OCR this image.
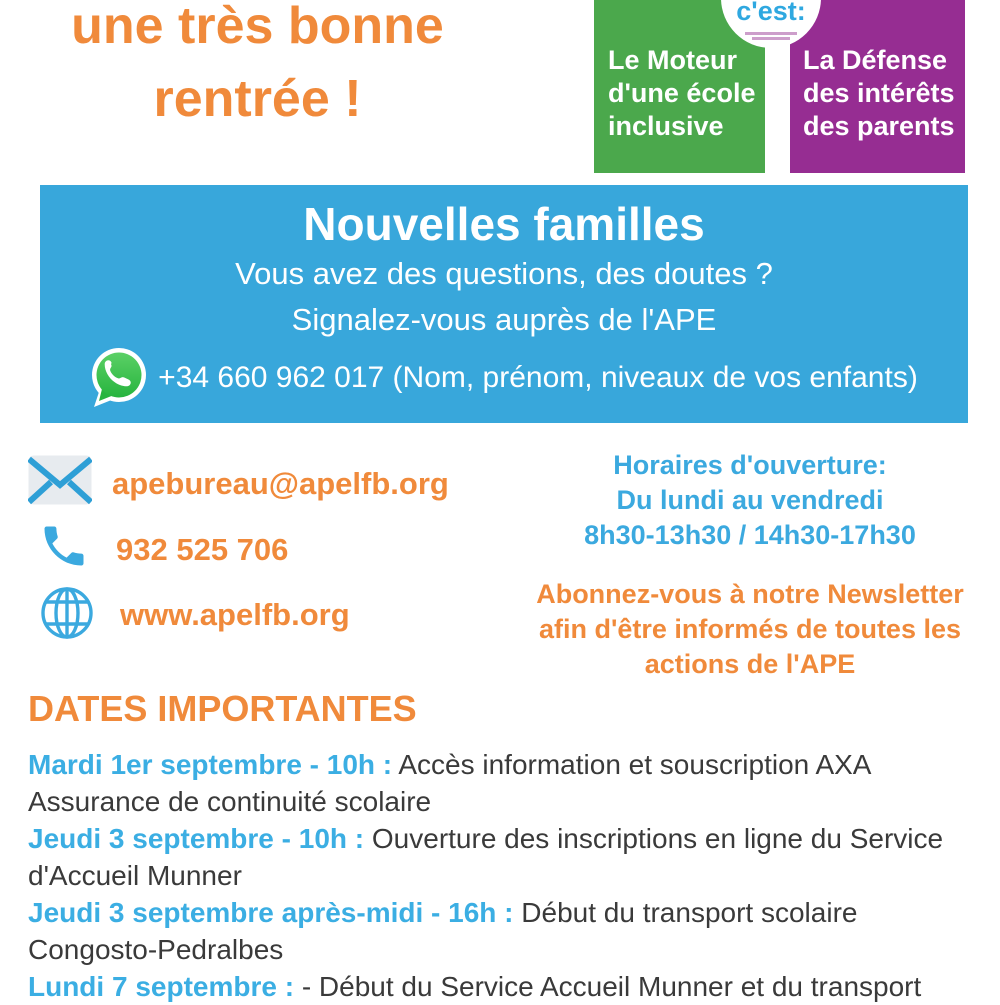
une très bonne
rentrée !
Le Moteur
d'une école
inclusive
La Défense
des intérêts
des parents
c'est:
Nouvelles familles
Vous avez des questions, des doutes ?
Signalez-vous auprès de l'APE
+34 660 962 017 (Nom, prénom, niveaux de vos enfants)
apebureau@apelfb.org
932 525 706
www.apelfb.org
Horaires d'ouverture:
Du lundi au vendredi
8h30-13h30 / 14h30-17h30
Abonnez-vous à notre Newsletter
afin d'être informés de toutes les
actions de l'APE
DATES IMPORTANTES

Mardi 1er septembre - 10h : Accès information et souscription AXA Assurance de continuité scolaire

Jeudi 3 septembre - 10h : Ouverture des inscriptions en ligne du Service d'Accueil Munner

Jeudi 3 septembre après-midi - 16h : Début du transport scolaire Congosto-Pedralbes

Lundi 7 septembre : - Début du Service Accueil Munner et du transport
